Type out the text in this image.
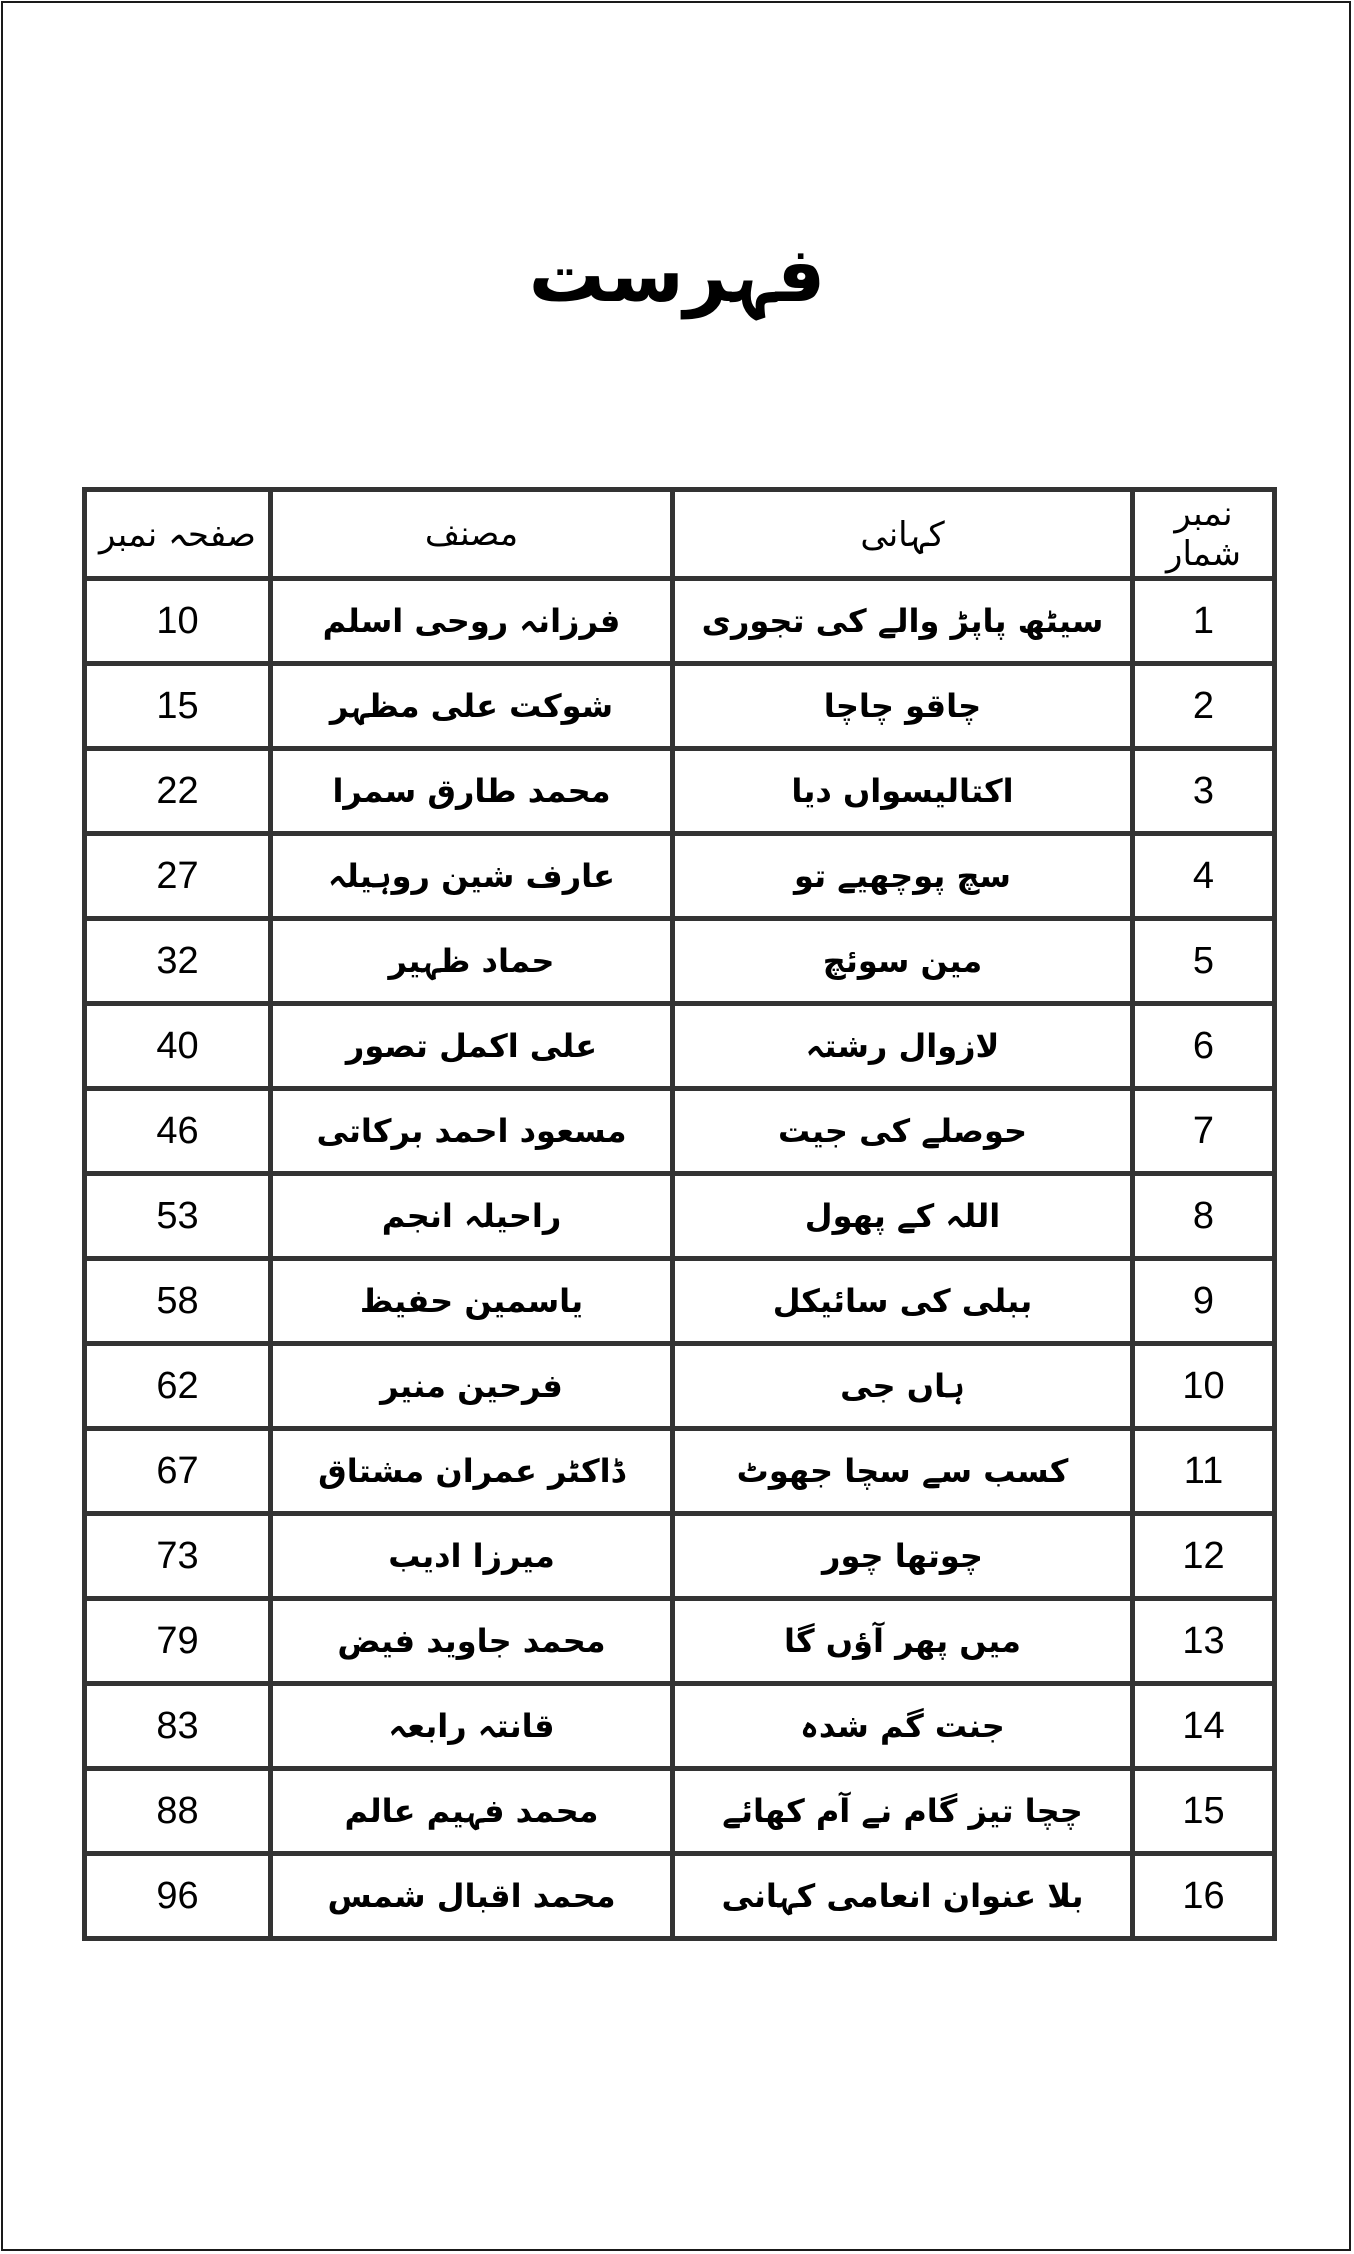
فہرست
نمبر شمار	کہانی	مصنف	صفحہ نمبر
1	سیٹھ پاپڑ والے کی تجوری	فرزانہ روحی اسلم	10
2	چاقو چاچا	شوکت علی مظہر	15
3	اکتالیسواں دیا	محمد طارق سمرا	22
4	سچ پوچھیے تو	عارف شین روہیلہ	27
5	مین سوئچ	حماد ظہیر	32
6	لازوال رشتہ	علی اکمل تصور	40
7	حوصلے کی جیت	مسعود احمد برکاتی	46
8	اللہ کے پھول	راحیلہ انجم	53
9	ببلی کی سائیکل	یاسمین حفیظ	58
10	ہاں جی	فرحین منیر	62
11	کسب سے سچا جھوٹ	ڈاکٹر عمران مشتاق	67
12	چوتھا چور	میرزا ادیب	73
13	میں پھر آؤں گا	محمد جاوید فیض	79
14	جنت گم شدہ	قانتہ رابعہ	83
15	چچا تیز گام نے آم کھائے	محمد فہیم عالم	88
16	بلا عنوان انعامی کہانی	محمد اقبال شمس	96
